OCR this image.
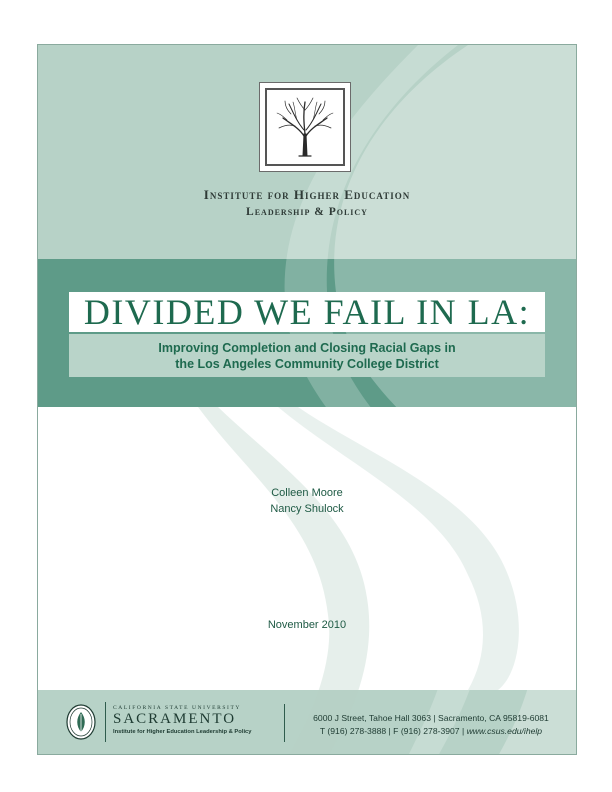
Institute for Higher Education
Leadership & Policy
DIVIDED WE FAIL IN LA:
Improving Completion and Closing Racial Gaps in
the Los Angeles Community College District
Colleen Moore
Nancy Shulock
November 2010
CALIFORNIA STATE UNIVERSITY
SACRAMENTO
Institute for Higher Education Leadership & Policy
6000 J Street, Tahoe Hall 3063 | Sacramento, CA 95819-6081
T (916) 278-3888 | F (916) 278-3907 | www.csus.edu/ihelp
